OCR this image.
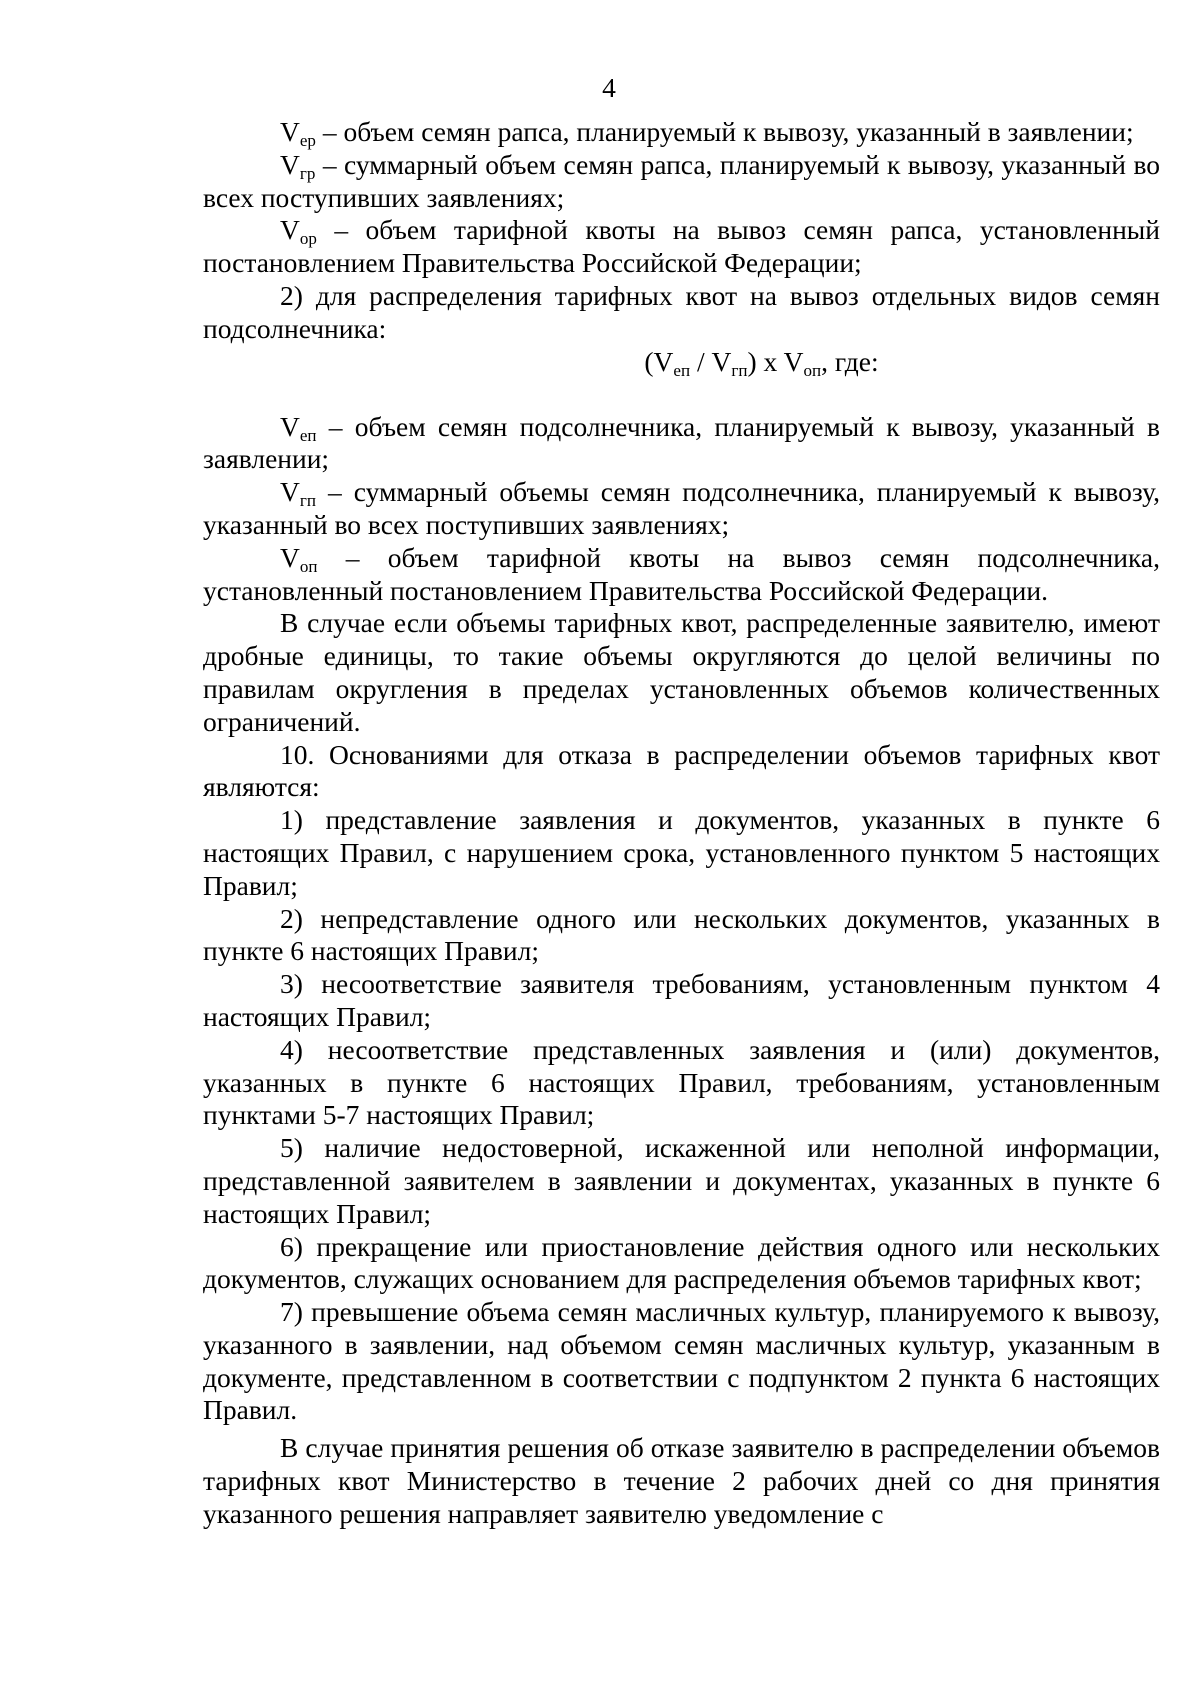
4

$V_{ер}$ – объем семян рапса, планируемый к вывозу, указанный в заявлении;

$V_{гр}$ – суммарный объем семян рапса, планируемый к вывозу, указанный во всех поступивших заявлениях;

$V_{ор}$ – объем тарифной квоты на вывоз семян рапса, установленный постановлением Правительства Российской Федерации;

2) для распределения тарифных квот на вывоз отдельных видов семян подсолнечника:

$(V_{еп} / V_{гп})$ x $V_{оп}$, где:

$V_{еп}$ – объем семян подсолнечника, планируемый к вывозу, указанный в заявлении;

$V_{гп}$ – суммарный объемы семян подсолнечника, планируемый к вывозу, указанный во всех поступивших заявлениях;

$V_{оп}$ – объем тарифной квоты на вывоз семян подсолнечника, установленный постановлением Правительства Российской Федерации.

В случае если объемы тарифных квот, распределенные заявителю, имеют дробные единицы, то такие объемы округляются до целой величины по правилам округления в пределах установленных объемов количественных ограничений.

10. Основаниями для отказа в распределении объемов тарифных квот являются:

1) представление заявления и документов, указанных в пункте 6 настоящих Правил, с нарушением срока, установленного пунктом 5 настоящих Правил;

2) непредставление одного или нескольких документов, указанных в пункте 6 настоящих Правил;

3) несоответствие заявителя требованиям, установленным пунктом 4 настоящих Правил;

4) несоответствие представленных заявления и (или) документов, указанных в пункте 6 настоящих Правил, требованиям, установленным пунктами 5-7 настоящих Правил;

5) наличие недостоверной, искаженной или неполной информации, представленной заявителем в заявлении и документах, указанных в пункте 6 настоящих Правил;

6) прекращение или приостановление действия одного или нескольких документов, служащих основанием для распределения объемов тарифных квот;

7) превышение объема семян масличных культур, планируемого к вывозу, указанного в заявлении, над объемом семян масличных культур, указанным в документе, представленном в соответствии с подпунктом 2 пункта 6 настоящих Правил.

В случае принятия решения об отказе заявителю в распределении объемов тарифных квот Министерство в течение 2 рабочих дней со дня принятия указанного решения направляет заявителю уведомление с
